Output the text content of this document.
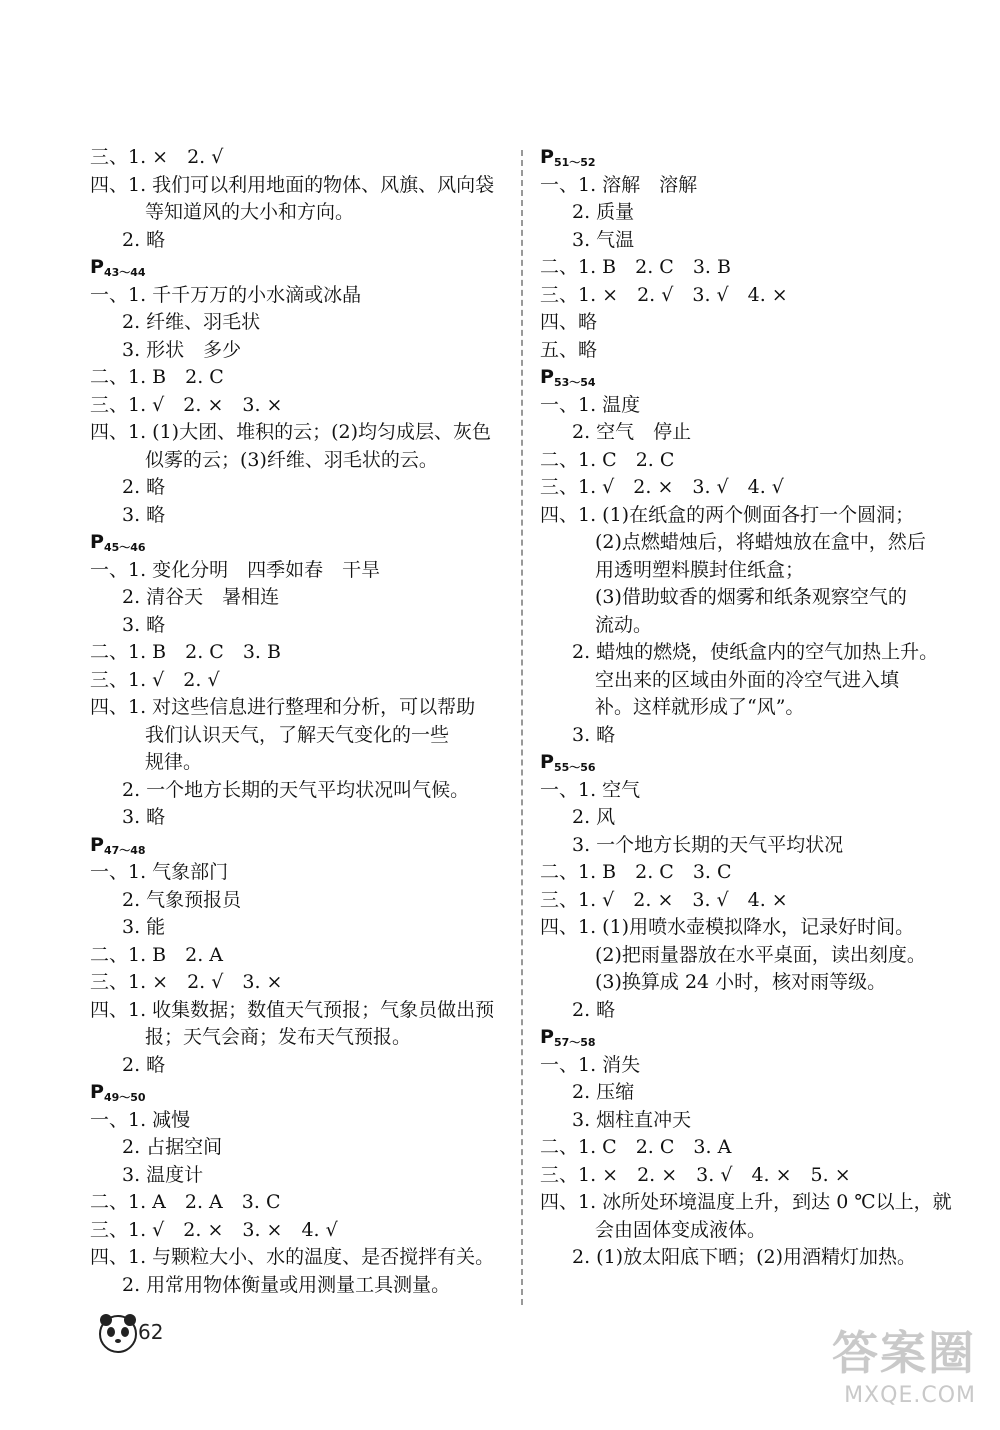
三、1. ×　2. √
四、1. 我们可以利用地面的物体、风旗、风向袋
等知道风的大小和方向。
2. 略
$P_{43\sim 44}$
一、1. 千千万万的小水滴或冰晶
2. 纤维、羽毛状
3. 形状　多少
二、1. B　2. C
三、1. √　2. ×　3. ×
四、1. (1)大团、堆积的云；(2)均匀成层、灰色
似雾的云；(3)纤维、羽毛状的云。
2. 略
3. 略
$P_{45\sim 46}$
一、1. 变化分明　四季如春　干旱
2. 清谷天　暑相连
3. 略
二、1. B　2. C　3. B
三、1. √　2. √
四、1. 对这些信息进行整理和分析，可以帮助
我们认识天气，了解天气变化的一些
规律。
2. 一个地方长期的天气平均状况叫气候。
3. 略
$P_{47\sim 48}$
一、1. 气象部门
2. 气象预报员
3. 能
二、1. B　2. A
三、1. ×　2. √　3. ×
四、1. 收集数据；数值天气预报；气象员做出预
报；天气会商；发布天气预报。
2. 略
$P_{49\sim 50}$
一、1. 减慢
2. 占据空间
3. 温度计
二、1. A　2. A　3. C
三、1. √　2. ×　3. ×　4. √
四、1. 与颗粒大小、水的温度、是否搅拌有关。
2. 用常用物体衡量或用测量工具测量。
$P_{51\sim 52}$
一、1. 溶解　溶解
2. 质量
3. 气温
二、1. B　2. C　3. B
三、1. ×　2. √　3. √　4. ×
四、略
五、略
$P_{53\sim 54}$
一、1. 温度
2. 空气　停止
二、1. C　2. C
三、1. √　2. ×　3. √　4. √
四、1. (1)在纸盒的两个侧面各打一个圆洞；
(2)点燃蜡烛后，将蜡烛放在盒中，然后
用透明塑料膜封住纸盒；
(3)借助蚊香的烟雾和纸条观察空气的
流动。
2. 蜡烛的燃烧，使纸盒内的空气加热上升。
空出来的区域由外面的冷空气进入填
补。这样就形成了“风”。
3. 略
$P_{55\sim 56}$
一、1. 空气
2. 风
3. 一个地方长期的天气平均状况
二、1. B　2. C　3. C
三、1. √　2. ×　3. √　4. ×
四、1. (1)用喷水壶模拟降水，记录好时间。
(2)把雨量器放在水平桌面，读出刻度。
(3)换算成 24 小时，核对雨等级。
2. 略
$P_{57\sim 58}$
一、1. 消失
2. 压缩
3. 烟柱直冲天
二、1. C　2. C　3. A
三、1. ×　2. ×　3. √　4. ×　5. ×
四、1. 冰所处环境温度上升，到达 0 ℃以上，就
会由固体变成液体。
2. (1)放太阳底下晒；(2)用酒精灯加热。
62	答案圈
MXQE.COM
